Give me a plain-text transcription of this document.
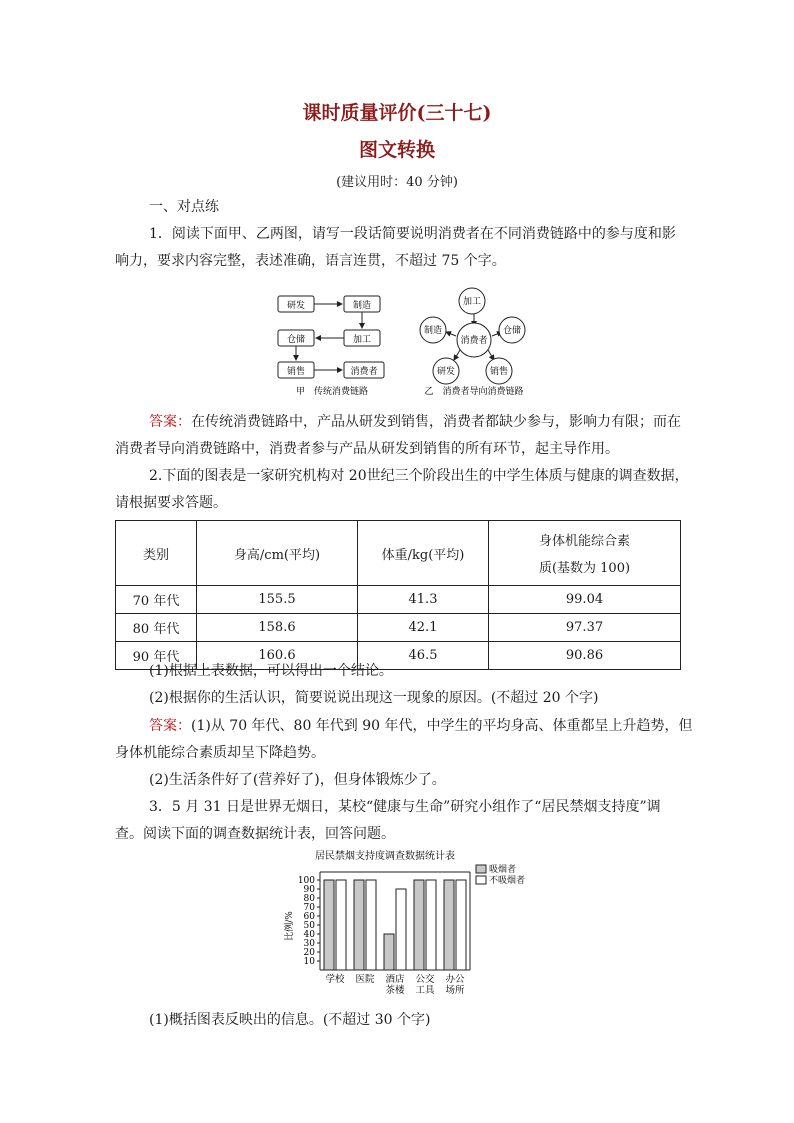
课时质量评价(三十七)
图文转换
(建议用时：40 分钟)
一、对点练
1．阅读下面甲、乙两图，请写一段话简要说明消费者在不同消费链路中的参与度和影
响力，要求内容完整，表述准确，语言连贯，不超过 75 个字。
研发	制造
加工
仓储
销售	消费者
甲　传统消费链路
消费者
加工
仓储
销售
研发
制造
乙　消费者导向消费链路
答案：在传统消费链路中，产品从研发到销售，消费者都缺少参与，影响力有限；而在
消费者导向消费链路中，消费者参与产品从研发到销售的所有环节，起主导作用。
2.下面的图表是一家研究机构对 20世纪三个阶段出生的中学生体质与健康的调查数据，
请根据要求答题。
类别	身高/cm(平均)	体重/kg(平均)	身体机能综合素
质(基数为 100)

70 年代	155.5	41.3	99.04
80 年代	158.6	42.1	97.37
90 年代	160.6	46.5	90.86
(1)根据上表数据，可以得出一个结论。
(2)根据你的生活认识，简要说说出现这一现象的原因。(不超过 20 个字)
答案：(1)从 70 年代、80 年代到 90 年代，中学生的平均身高、体重都呈上升趋势，但
身体机能综合素质却呈下降趋势。
(2)生活条件好了(营养好了)，但身体锻炼少了。
3．5 月 31 日是世界无烟日，某校“健康与生命”研究小组作了“居民禁烟支持度”调
查。阅读下面的调查数据统计表，回答问题。
居民禁烟支持度调查数据统计表
10
20
30
40
50
60
70
80
90
100
比例/%
学校 医院 酒店
茶楼
公交
工具
办公
场所
吸烟者
不吸烟者
(1)概括图表反映出的信息。(不超过 30 个字)
